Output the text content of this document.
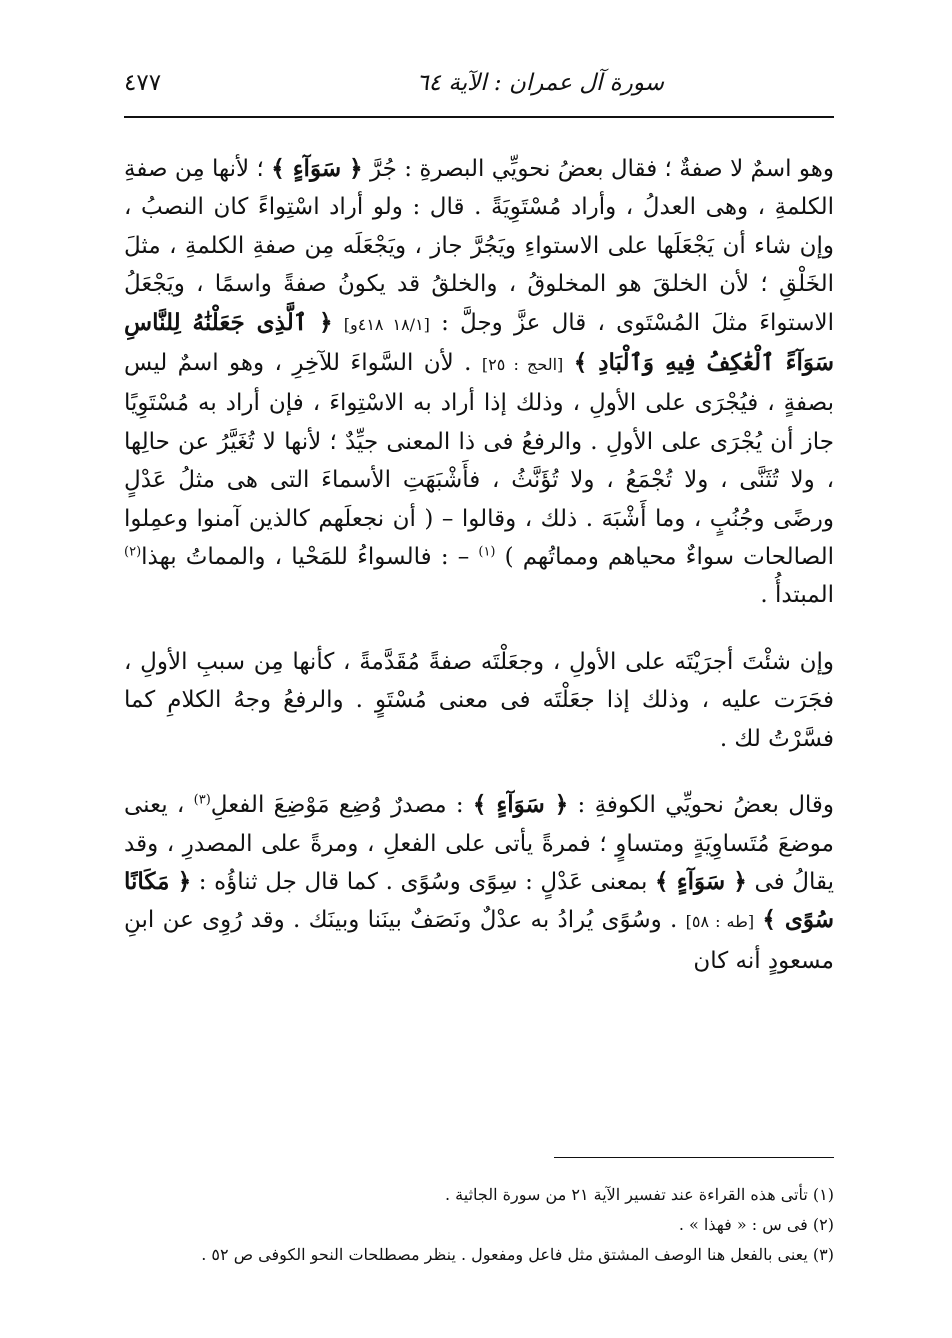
سورة آل عمران : الآية ٦٤
٤٧٧

وهو اسمٌ لا صفةٌ ؛ فقال بعضُ نحويِّي البصرةِ : جُرَّ ﴿ سَوَآءٍ ﴾ ؛ لأنها مِن صفةِ الكلمةِ ، وهى العدلُ ، وأراد مُسْتَوِيَةً . قال : ولو أراد اسْتِواءً كان النصبُ ، وإن شاء أن يَجْعَلَها على الاستواءِ ويَجُرَّ جاز ، ويَجْعَلَه مِن صفةِ الكلمةِ ، مثلَ الخَلْقِ ؛ لأن الخلقَ هو المخلوقُ ، والخلقُ قد يكونُ صفةً واسمًا ، ويَجْعَلُ الاستواءَ مثلَ المُسْتَوى ، قال عزَّ وجلَّ : [١٨/١ ٤١٨و] ﴿ ٱلَّذِى جَعَلْنَٰهُ لِلنَّاسِ سَوَآءً ٱلْعَٰكِفُ فِيهِ وَٱلْبَادِ ﴾ [الحج : ٢٥] . لأن السَّواءَ للآخِرِ ، وهو اسمٌ ليس بصفةٍ ، فيُجْرَى على الأولِ ، وذلك إذا أراد به الاسْتِواءَ ، فإن أراد به مُسْتَوِيًا جاز أن يُجْرَى على الأولِ . والرفعُ فى ذا المعنى جيِّدٌ ؛ لأنها لا تُغَيَّرُ عن حالِها ، ولا تُثَنَّى ، ولا تُجْمَعُ ، ولا تُؤَنَّثُ ، فأَشْبَهَتِ الأسماءَ التى هى مثلُ عَدْلٍ ورضًى وجُنُبٍ ، وما أَشْبَهَ . ذلك ، وقالوا – ( أن نجعلَهم كالذين آمنوا وعمِلوا الصالحات سواءٌ محياهم ومماتُهم ) $^{(١)}$ – : فالسواءُ للمَحْيا ، والمماتُ بهذا$^{(٢)}$ المبتدأُ .

وإن شئْتَ أجرَيْتَه على الأولِ ، وجعَلْتَه صفةً مُقَدَّمةً ، كأنها مِن سببِ الأولِ ، فجَرَت عليه ، وذلك إذا جعَلْتَه فى معنى مُسْتَوٍ . والرفعُ وجهُ الكلامِ كما فسَّرْتُ لك .

وقال بعضُ نحويِّي الكوفةِ : ﴿ سَوَآءٍ ﴾ : مصدرٌ وُضِع مَوْضِعَ الفعلِ$^{(٣)}$ ، يعنى موضعَ مُتَساوِيَةٍ ومتساوٍ ؛ فمرةً يأتى على الفعلِ ، ومرةً على المصدرِ ، وقد يقالُ فى ﴿ سَوَآءٍ ﴾ بمعنى عَدْلٍ : سِوًى وسُوًى . كما قال جل ثناؤُه : ﴿ مَكَانًا سُوًى ﴾ [طه : ٥٨] . وسُوًى يُرادُ به عدْلٌ ونَصَفٌ بينَنا وبينَك . وقد رُوِى عن ابنِ مسعودٍ أنه كان

(١) تأتى هذه القراءة عند تفسير الآية ٢١ من سورة الجاثية .
(٢) فى س : « فهذا » .
(٣) يعنى بالفعل هنا الوصف المشتق مثل فاعل ومفعول . ينظر مصطلحات النحو الكوفى ص ٥٢ .
